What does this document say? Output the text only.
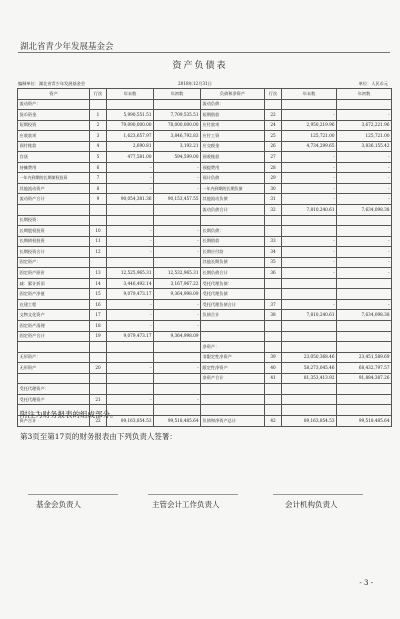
湖北省青少年发展基金会
资产负债表
编制单位：湖北省青少年发展基金会	2018年12月31日	单位：人民币元
资产	行次	年末数	年初数	负债和净资产	行次	年末数	年初数
流动资产：				流动负债：			
货币资金	1	5,990,551.51	7,709,535.51	短期借款	22	-	-
短期投资	2	79,090,000.00	78,000,000.00	应付款项	24	2,950,219.96	3,672,221.96
应收款项	3	1,623,657.97	3,846,792.83	应付工资	25	125,721.00	125,721.00
预付账款	4	2,690.81	3,192.21	应交税金	26	4,734,299.65	3,836,155.42
存货	5	477,581.00	594,599.00	预收账款	27	-	-
待摊费用	6	-	-	预提费用	28	-	-
一年内到期的长期债权投资	7	-	-	预计负债	29	-	-
其他流动资产	8	-	-	一年内到期的长期负债	30	-	-
流动资产合计	9	90,054,381.36	90,153,457.55	其他流动负债	31	-	-
				流动负债合计	32	7,810,240.61	7,634,098.38
长期投资：							
长期股权投资	10	-	-	长期负债：			
长期债权投资	11	-	-	长期借款	33	-	-
长期投资合计	12	-	-	长期应付款	34	-	-
固定资产：				其他长期负债	35	-	-
固定资产原价	13	12,525,965.31	12,532,965.31	长期负债合计	36	-	-
减：累计折旧	14	3,446,492.14	3,167,967.22	受托代理负债：			
固定资产净值	15	9,079,473.17	9,364,998.09	受托代理负债			
在建工程	16	-	-	受托代理负债合计	37	-	-
文物文化资产	17	-	-	负债合计	38	7,810,240.61	7,634,098.38
固定资产清理	18	-	-				
固定资产合计	19	9,079,473.17	9,364,998.09				
				净资产：			
无形资产：				非限定性净资产	39	23,050,368.46	23,451,589.69
无形资产	20	-	-	限定性净资产	40	58,273,045.46	68,432,797.57
				净资产合计	41	81,353,413.92	91,884,387.26
受托代理资产：							
受托代理资产	21	-	-				

资产合计	22	89,163,854.53	99,518,485.64	负债和净资产总计	42	89,163,854.53	99,518,485.64
附注为财务报表的组成部分。
第3页至第17页的财务报表由下列负责人签署：
基金会负责人	主管会计工作负责人	会计机构负责人
- 3 -
